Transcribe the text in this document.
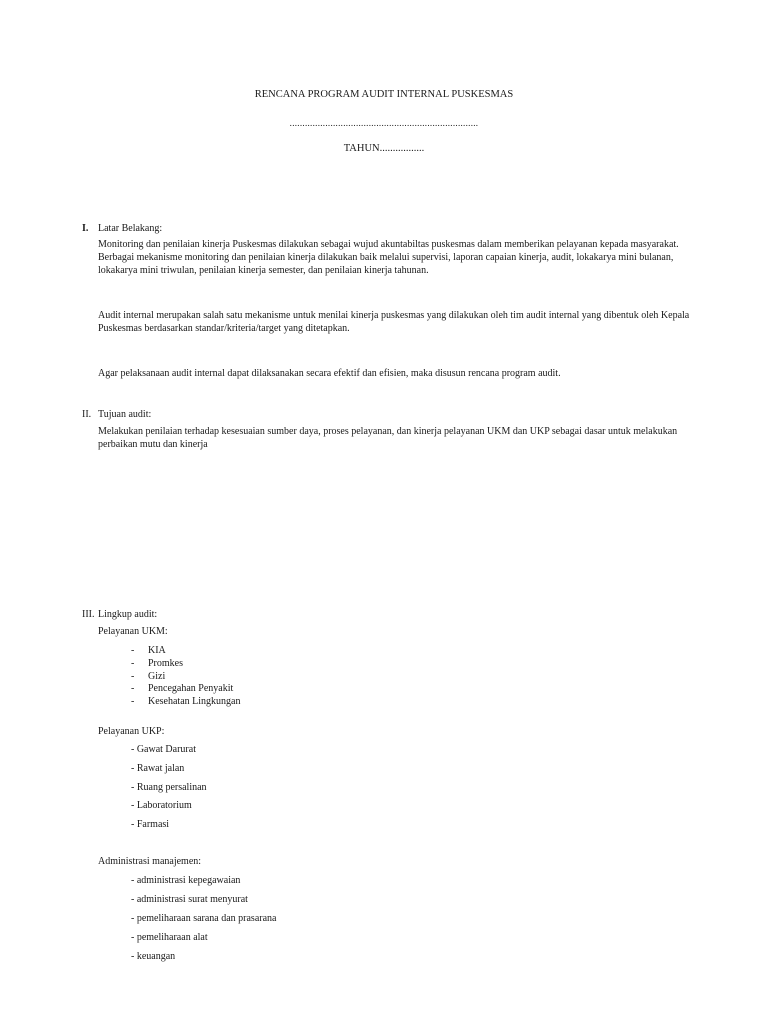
RENCANA PROGRAM AUDIT INTERNAL PUSKESMAS
..........................................................................
TAHUN.................
I. Latar Belakang:
Monitoring dan penilaian kinerja Puskesmas dilakukan sebagai wujud akuntabiltas puskesmas dalam memberikan pelayanan kepada masyarakat.
Berbagai mekanisme monitoring dan penilaian kinerja dilakukan baik melalui supervisi, laporan capaian kinerja, audit, lokakarya mini bulanan,
lokakarya mini triwulan, penilaian kinerja semester, dan penilaian kinerja tahunan.
Audit internal merupakan salah satu mekanisme untuk menilai kinerja puskesmas yang dilakukan oleh tim audit internal yang dibentuk oleh Kepala
Puskesmas berdasarkan standar/kriteria/target yang ditetapkan.
Agar pelaksanaan audit internal dapat dilaksanakan secara efektif dan efisien, maka disusun rencana program audit.
II. Tujuan audit:
Melakukan penilaian terhadap kesesuaian sumber daya, proses pelayanan, dan kinerja pelayanan UKM dan UKP sebagai dasar untuk melakukan
perbaikan mutu dan kinerja
III. Lingkup audit:
Pelayanan UKM:
-	KIA
-	Promkes
-	Gizi
-	Pencegahan Penyakit
-	Kesehatan Lingkungan
Pelayanan UKP:
- Gawat Darurat
- Rawat jalan
- Ruang persalinan
- Laboratorium
- Farmasi
Administrasi manajemen:
- administrasi kepegawaian
- administrasi surat menyurat
- pemeliharaan sarana dan prasarana
- pemeliharaan alat
- keuangan
